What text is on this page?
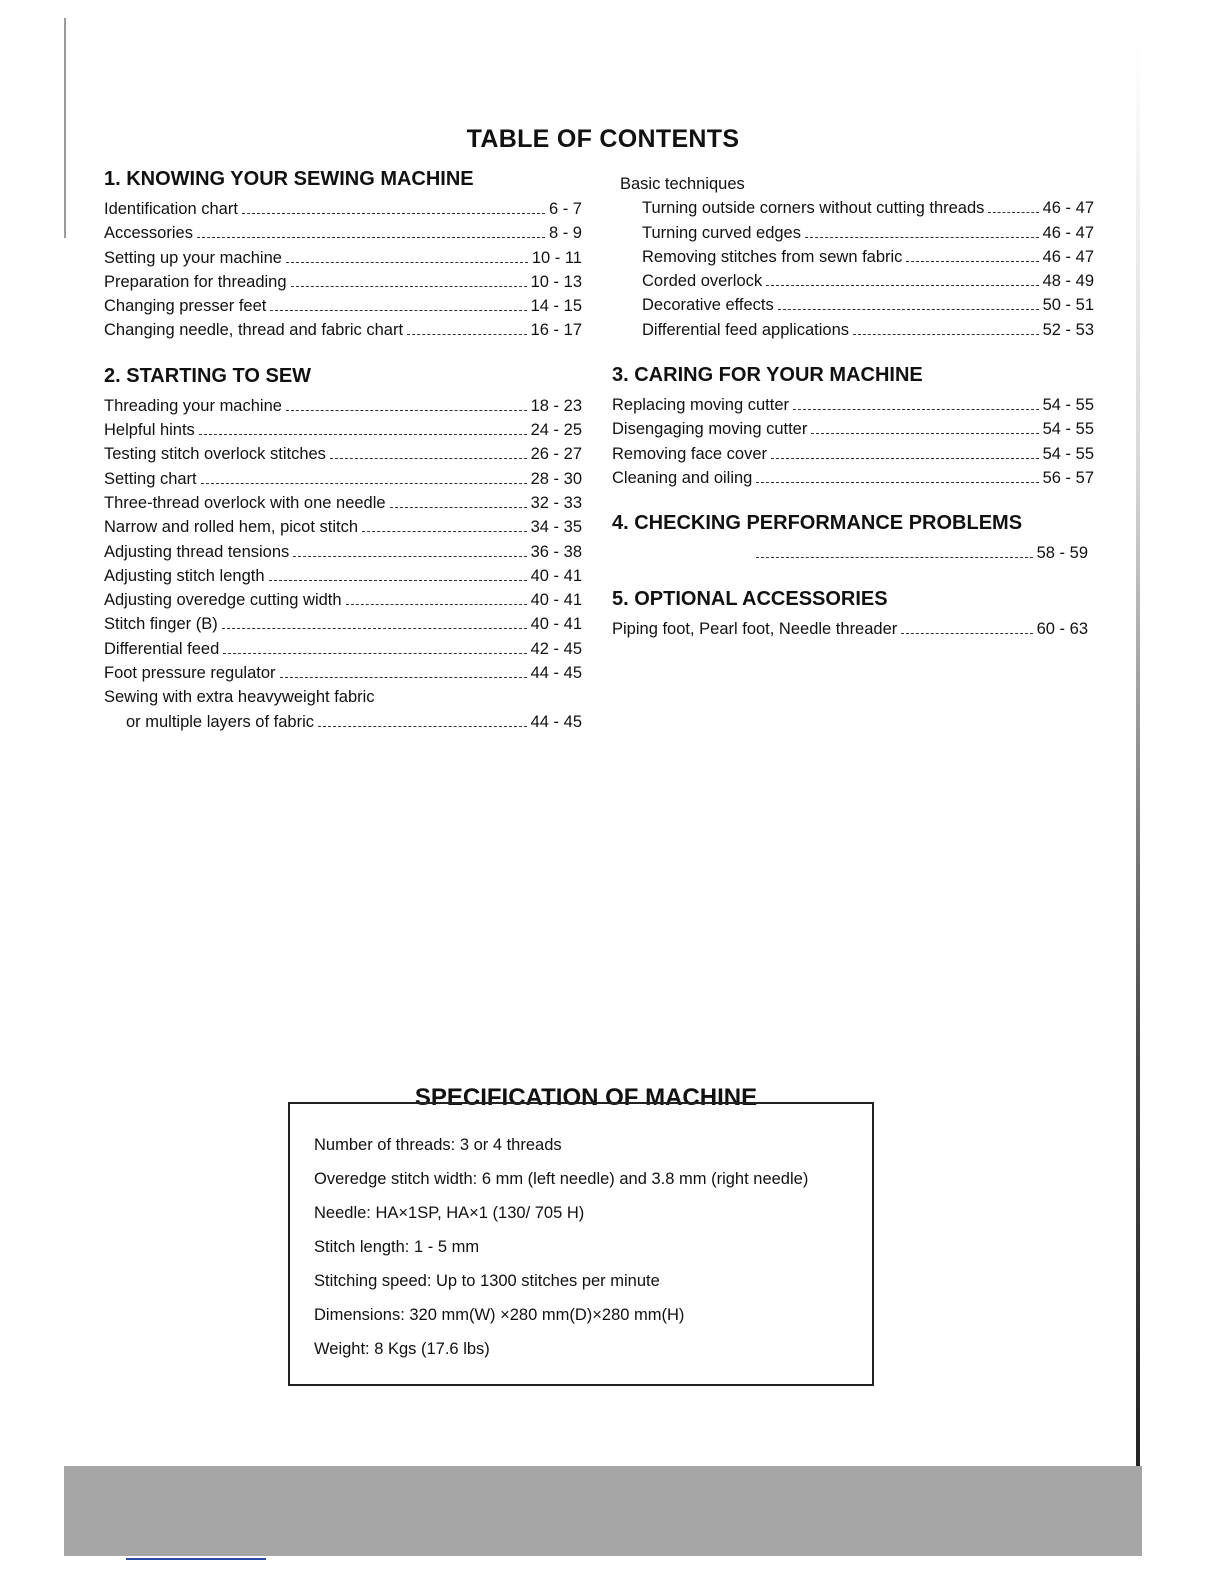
TABLE OF CONTENTS
1. KNOWING YOUR SEWING MACHINE
Identification chart	6 - 7
Accessories	8 - 9
Setting up your machine	10 - 11
Preparation for threading	10 - 13
Changing presser feet	14 - 15
Changing needle, thread and fabric chart	16 - 17
2. STARTING TO SEW
Threading your machine	18 - 23
Helpful hints	24 - 25
Testing stitch overlock stitches	26 - 27
Setting chart	28 - 30
Three-thread overlock with one needle	32 - 33
Narrow and rolled hem, picot stitch	34 - 35
Adjusting thread tensions	36 - 38
Adjusting stitch length	40 - 41
Adjusting overedge cutting width	40 - 41
Stitch finger (B)	40 - 41
Differential feed	42 - 45
Foot pressure regulator	44 - 45
Sewing with extra heavyweight fabric
or multiple layers of fabric	44 - 45
Basic techniques
Turning outside corners without cutting threads	46 - 47
Turning curved edges	46 - 47
Removing stitches from sewn fabric	46 - 47
Corded overlock	48 - 49
Decorative effects	50 - 51
Differential feed applications	52 - 53
3. CARING FOR YOUR MACHINE
Replacing moving cutter	54 - 55
Disengaging moving cutter	54 - 55
Removing face cover	54 - 55
Cleaning and oiling	56 - 57
4. CHECKING PERFORMANCE PROBLEMS
58 - 59
5. OPTIONAL ACCESSORIES
Piping foot, Pearl foot, Needle threader	60 - 63
SPECIFICATION OF MACHINE
Number of threads: 3 or 4 threads
Overedge stitch width: 6 mm (left needle) and 3.8 mm (right needle)
Needle: HA×1SP, HA×1 (130/ 705 H)
Stitch length: 1 - 5 mm
Stitching speed: Up to 1300 stitches per minute
Dimensions: 320 mm(W) ×280 mm(D)×280 mm(H)
Weight: 8 Kgs (17.6 lbs)
